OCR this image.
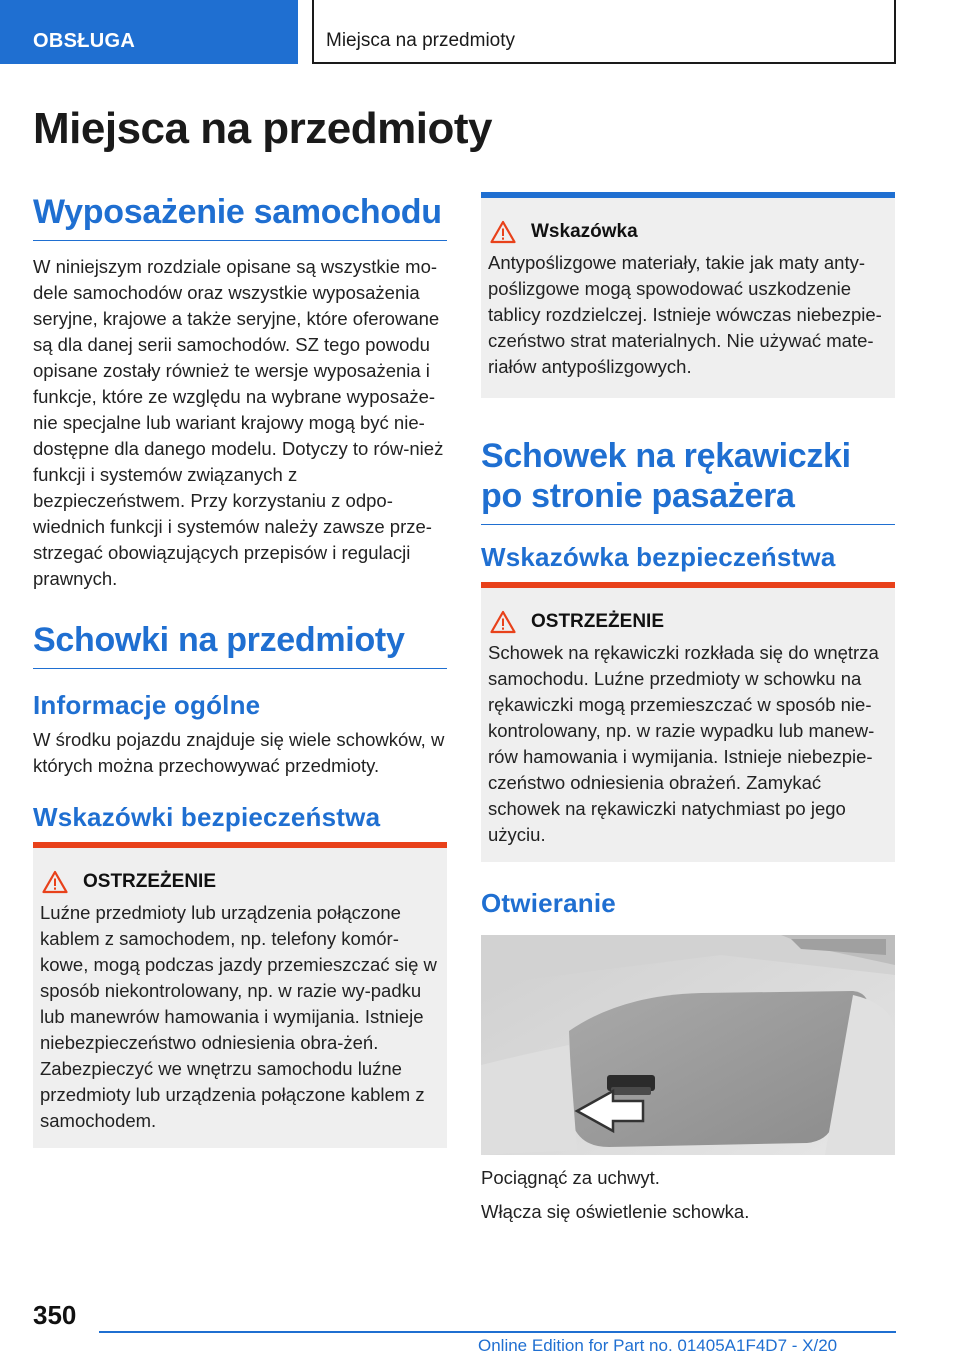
OBSŁUGA	Miejsca na przedmioty
Miejsca na przedmioty
Wyposażenie samochodu
W niniejszym rozdziale opisane są wszystkie mo-dele samochodów oraz wszystkie wyposażenia seryjne, krajowe a także seryjne, które oferowane są dla danej serii samochodów. SZ tego powodu opisane zostały również te wersje wyposażenia i funkcje, które ze względu na wybrane wyposaże-nie specjalne lub wariant krajowy mogą być nie-dostępne dla danego modelu. Dotyczy to rów-nież funkcji i systemów związanych z bezpieczeństwem. Przy korzystaniu z odpo-wiednich funkcji i systemów należy zawsze prze-strzegać obowiązujących przepisów i regulacji prawnych.
Schowki na przedmioty
Informacje ogólne
W środku pojazdu znajduje się wiele schowków, w których można przechowywać przedmioty.
Wskazówki bezpieczeństwa
OSTRZEŻENIE
Luźne przedmioty lub urządzenia połączone kablem z samochodem, np. telefony komór-kowe, mogą podczas jazdy przemieszczać się w sposób niekontrolowany, np. w razie wy-padku lub manewrów hamowania i wymijania. Istnieje niebezpieczeństwo odniesienia obra-żeń. Zabezpieczyć we wnętrzu samochodu luźne przedmioty lub urządzenia połączone kablem z samochodem.
Wskazówka
Antypoślizgowe materiały, takie jak maty anty-poślizgowe mogą spowodować uszkodzenie tablicy rozdzielczej. Istnieje wówczas niebezpie-czeństwo strat materialnych. Nie używać mate-riałów antypoślizgowych.
Schowek na rękawiczki po stronie pasażera
Wskazówka bezpieczeństwa
OSTRZEŻENIE
Schowek na rękawiczki rozkłada się do wnętrza samochodu. Luźne przedmioty w schowku na rękawiczki mogą przemieszczać w sposób nie-kontrolowany, np. w razie wypadku lub manew-rów hamowania i wymijania. Istnieje niebezpie-czeństwo odniesienia obrażeń. Zamykać schowek na rękawiczki natychmiast po jego użyciu.
Otwieranie
Pociągnąć za uchwyt.
Włącza się oświetlenie schowka.
350
Online Edition for Part no. 01405A1F4D7 - X/20
